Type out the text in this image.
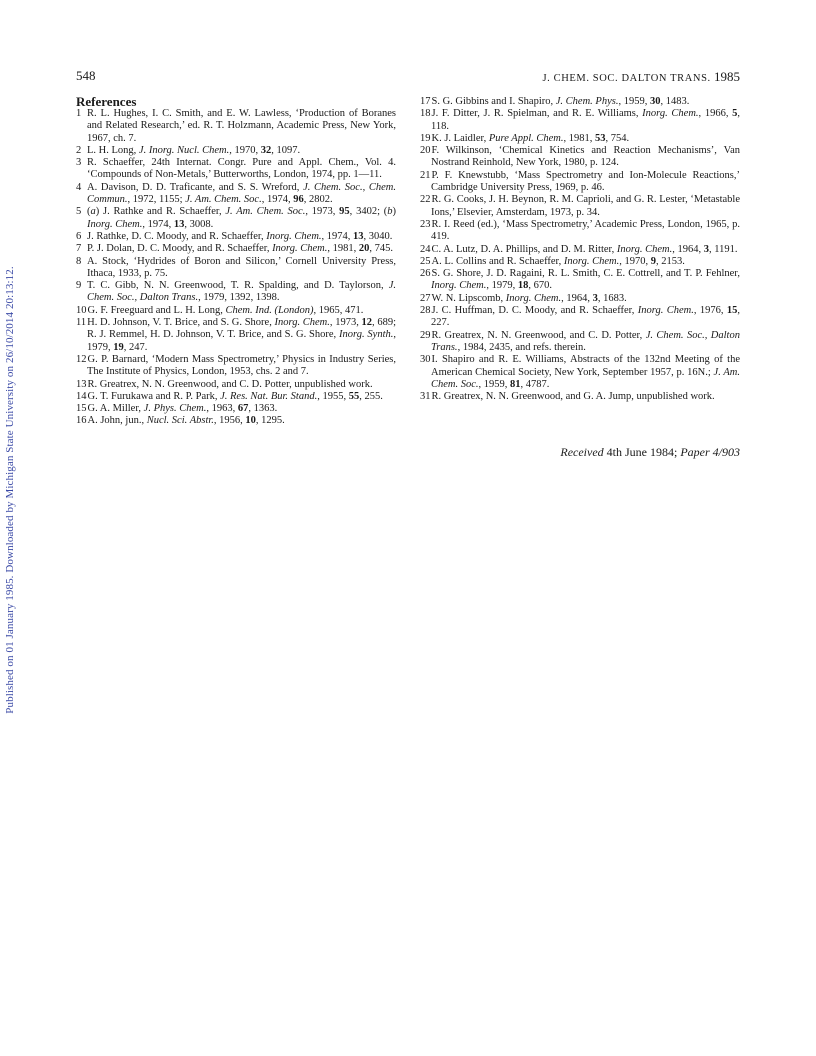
Published on 01 January 1985. Downloaded by Michigan State University on 26/10/2014 20:13:12.
548	J. CHEM. SOC. DALTON TRANS. 1985
References
1 R. L. Hughes, I. C. Smith, and E. W. Lawless, ‘Production of Boranes and Related Research,’ ed. R. T. Holzmann, Academic Press, New York, 1967, ch. 7.
2 L. H. Long, J. Inorg. Nucl. Chem., 1970, 32, 1097.
3 R. Schaeffer, 24th Internat. Congr. Pure and Appl. Chem., Vol. 4. ‘Compounds of Non-Metals,’ Butterworths, London, 1974, pp. 1—11.
4 A. Davison, D. D. Traficante, and S. S. Wreford, J. Chem. Soc., Chem. Commun., 1972, 1155; J. Am. Chem. Soc., 1974, 96, 2802.
5 (a) J. Rathke and R. Schaeffer, J. Am. Chem. Soc., 1973, 95, 3402; (b) Inorg. Chem., 1974, 13, 3008.
6 J. Rathke, D. C. Moody, and R. Schaeffer, Inorg. Chem., 1974, 13, 3040.
7 P. J. Dolan, D. C. Moody, and R. Schaeffer, Inorg. Chem., 1981, 20, 745.
8 A. Stock, ‘Hydrides of Boron and Silicon,’ Cornell University Press, Ithaca, 1933, p. 75.
9 T. C. Gibb, N. N. Greenwood, T. R. Spalding, and D. Taylorson, J. Chem. Soc., Dalton Trans., 1979, 1392, 1398.
10G. F. Freeguard and L. H. Long, Chem. Ind. (London), 1965, 471.
11H. D. Johnson, V. T. Brice, and S. G. Shore, Inorg. Chem., 1973, 12, 689; R. J. Remmel, H. D. Johnson, V. T. Brice, and S. G. Shore, Inorg. Synth., 1979, 19, 247.
12G. P. Barnard, ‘Modern Mass Spectrometry,’ Physics in Industry Series, The Institute of Physics, London, 1953, chs. 2 and 7.
13R. Greatrex, N. N. Greenwood, and C. D. Potter, unpublished work.
14G. T. Furukawa and R. P. Park, J. Res. Nat. Bur. Stand., 1955, 55, 255.
15G. A. Miller, J. Phys. Chem., 1963, 67, 1363.
16A. John, jun., Nucl. Sci. Abstr., 1956, 10, 1295.
17S. G. Gibbins and I. Shapiro, J. Chem. Phys., 1959, 30, 1483.
18J. F. Ditter, J. R. Spielman, and R. E. Williams, Inorg. Chem., 1966, 5, 118.
19K. J. Laidler, Pure Appl. Chem., 1981, 53, 754.
20F. Wilkinson, ‘Chemical Kinetics and Reaction Mechanisms’, Van Nostrand Reinhold, New York, 1980, p. 124.
21P. F. Knewstubb, ‘Mass Spectrometry and Ion-Molecule Reactions,’ Cambridge University Press, 1969, p. 46.
22R. G. Cooks, J. H. Beynon, R. M. Caprioli, and G. R. Lester, ‘Metastable Ions,’ Elsevier, Amsterdam, 1973, p. 34.
23R. I. Reed (ed.), ‘Mass Spectrometry,’ Academic Press, London, 1965, p. 419.
24C. A. Lutz, D. A. Phillips, and D. M. Ritter, Inorg. Chem., 1964, 3, 1191.
25A. L. Collins and R. Schaeffer, Inorg. Chem., 1970, 9, 2153.
26S. G. Shore, J. D. Ragaini, R. L. Smith, C. E. Cottrell, and T. P. Fehlner, Inorg. Chem., 1979, 18, 670.
27W. N. Lipscomb, Inorg. Chem., 1964, 3, 1683.
28J. C. Huffman, D. C. Moody, and R. Schaeffer, Inorg. Chem., 1976, 15, 227.
29R. Greatrex, N. N. Greenwood, and C. D. Potter, J. Chem. Soc., Dalton Trans., 1984, 2435, and refs. therein.
30I. Shapiro and R. E. Williams, Abstracts of the 132nd Meeting of the American Chemical Society, New York, September 1957, p. 16N.; J. Am. Chem. Soc., 1959, 81, 4787.
31R. Greatrex, N. N. Greenwood, and G. A. Jump, unpublished work.
Received 4th June 1984; Paper 4/903
